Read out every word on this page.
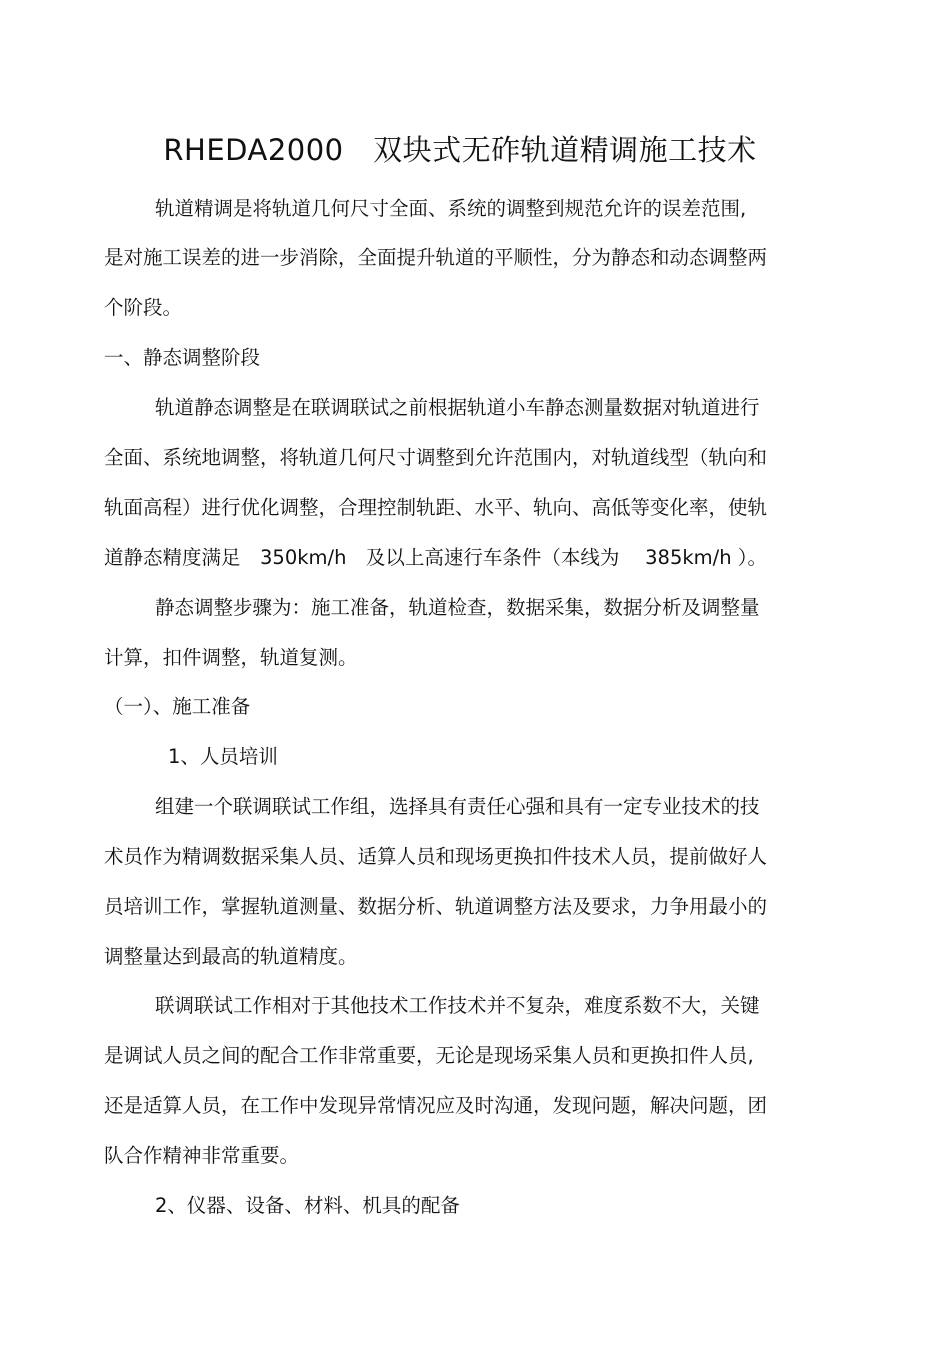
RHEDA2000　双块式无砟轨道精调施工技术
轨道精调是将轨道几何尺寸全面、系统的调整到规范允许的误差范围,
是对施工误差的进一步消除，全面提升轨道的平顺性，分为静态和动态调整两
个阶段。
一、静态调整阶段
轨道静态调整是在联调联试之前根据轨道小车静态测量数据对轨道进行
全面、系统地调整，将轨道几何尺寸调整到允许范围内，对轨道线型（轨向和
轨面高程）进行优化调整，合理控制轨距、水平、轨向、高低等变化率，使轨
道静态精度满足　350km/h　及以上高速行车条件（本线为　 385km/h ）。
静态调整步骤为：施工准备，轨道检查，数据采集，数据分析及调整量
计算，扣件调整，轨道复测。
（一）、施工准备
1、人员培训
组建一个联调联试工作组，选择具有责任心强和具有一定专业技术的技
术员作为精调数据采集人员、适算人员和现场更换扣件技术人员，提前做好人
员培训工作，掌握轨道测量、数据分析、轨道调整方法及要求，力争用最小的
调整量达到最高的轨道精度。
联调联试工作相对于其他技术工作技术并不复杂，难度系数不大，关键
是调试人员之间的配合工作非常重要，无论是现场采集人员和更换扣件人员,
还是适算人员，在工作中发现异常情况应及时沟通，发现问题，解决问题，团
队合作精神非常重要。
2、仪器、设备、材料、机具的配备
